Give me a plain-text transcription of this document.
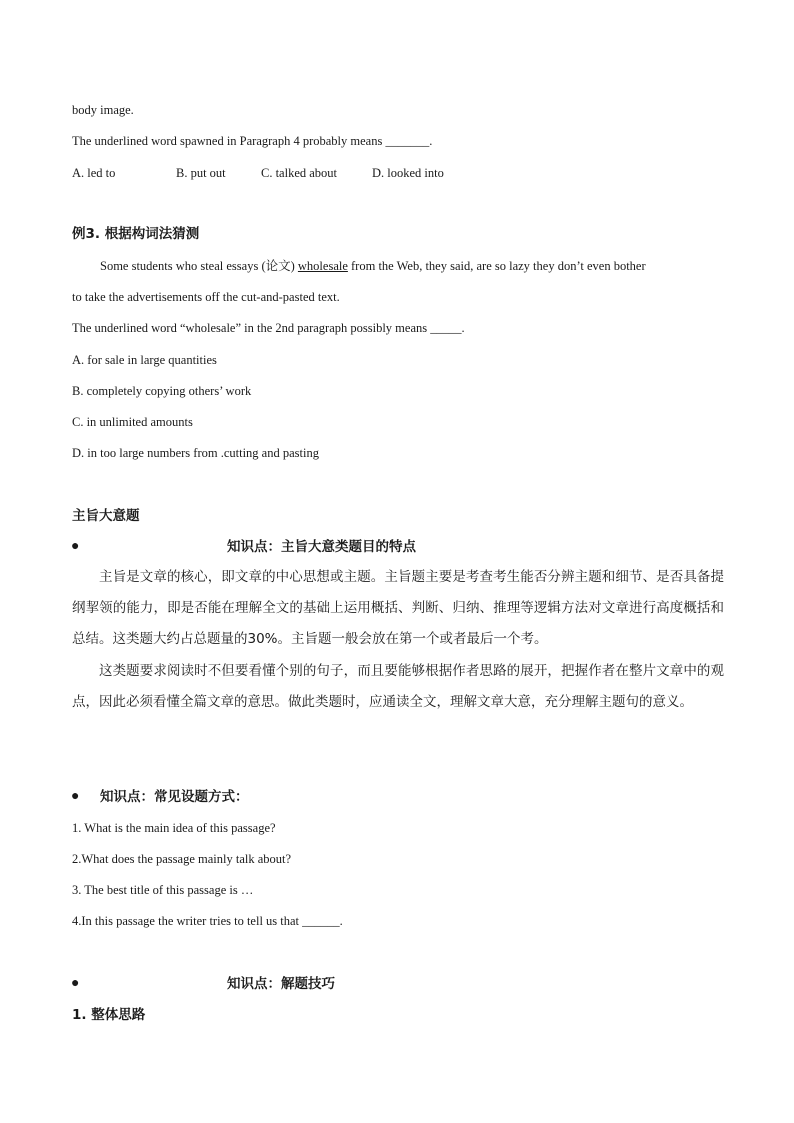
body image.
The underlined word spawned in Paragraph 4 probably means _______.
A. led to	B. put out	C. talked about	D. looked into
例3. 根据构词法猜测
Some students who steal essays (论文) wholesale from the Web, they said, are so lazy they don’t even bother
to take the advertisements off the cut-and-pasted text.
The underlined word “wholesale” in the 2nd paragraph possibly means _____.
A. for sale in large quantities
B. completely copying others’ work
C. in unlimited amounts
D. in too large numbers from .cutting and pasting
主旨大意题
●	知识点：主旨大意类题目的特点

主旨是文章的核心，即文章的中心思想或主题。主旨题主要是考查考生能否分辨主题和细节、是否具备提纲挈领的能力，即是否能在理解全文的基础上运用概括、判断、归纳、推理等逻辑方法对文章进行高度概括和总结。这类题大约占总题量的30%。主旨题一般会放在第一个或者最后一个考。

这类题要求阅读时不但要看懂个别的句子，而且要能够根据作者思路的展开，把握作者在整片文章中的观点，因此必须看懂全篇文章的意思。做此类题时，应通读全文，理解文章大意，充分理解主题句的意义。

● 知识点：常见设题方式：
1. What is the main idea of this passage?
2.What does the passage mainly talk about?
3. The best title of this passage is …
4.In this passage the writer tries to tell us that ______.
●	知识点：解题技巧
1. 整体思路
